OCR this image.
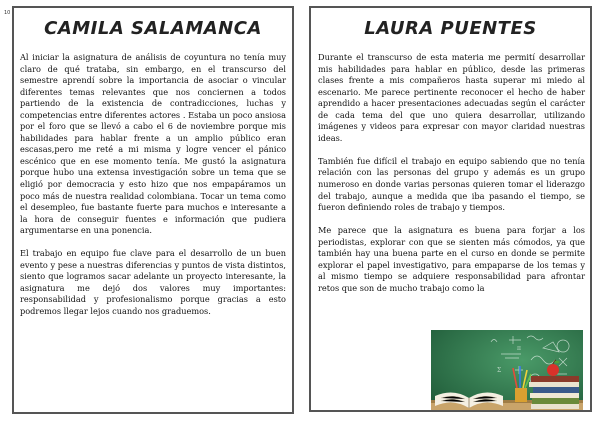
10
CAMILA SALAMANCA

Al iniciar la asignatura de análisis de coyuntura no tenía muy claro de qué trataba, sin embargo, en el transcurso del semestre aprendí sobre la importancia de asociar o vincular diferentes temas relevantes que nos conciernen a todos partiendo de la existencia de contradicciones, luchas y competencias entre diferentes actores . Estaba un poco ansiosa por el foro que se llevó a cabo el 6 de noviembre porque mis habilidades para hablar frente a un amplio público eran escasas,pero me reté a mi misma y logre vencer el pánico escénico que en ese momento tenía. Me gustó la asignatura porque hubo una extensa investigación sobre un tema que se eligió por democracia y esto hizo que nos empapáramos un poco más de nuestra realidad colombiana. Tocar un tema como el desempleo, fue bastante fuerte para muchos e interesante a la hora de conseguir fuentes e información que pudiera argumentarse en una ponencia.

El trabajo en equipo fue clave para el desarrollo de un buen evento y pese a nuestras diferencias y puntos de vista distintos, siento que logramos sacar adelante un proyecto interesante, la asignatura me dejó dos valores muy importantes: responsabilidad y profesionalismo porque gracias a esto podremos llegar lejos cuando nos graduemos.

LAURA PUENTES

Durante el transcurso de esta materia me permití desarrollar mis habilidades para hablar en público, desde las primeras clases frente a mis compañeros hasta superar mi miedo al escenario. Me parece pertinente reconocer el hecho de haber aprendido a hacer presentaciones adecuadas según el carácter de cada tema del que uno quiera desarrollar, utilizando imágenes y videos para expresar con mayor claridad nuestras ideas.

También fue difícil el trabajo en equipo sabiendo que no tenía relación con las personas del grupo y además es un grupo numeroso en donde varias personas quieren tomar el liderazgo del trabajo, aunque a medida que iba pasando el tiempo, se fueron definiendo roles de trabajo y tiempos.

Me parece que la asignatura es buena para forjar a los periodistas, explorar con que se sienten más cómodos, ya que también hay una buena parte en el curso en donde se permite explorar el papel investigativo, para empaparse de los temas y al mismo tiempo se adquiere responsabilidad para afrontar retos que son de mucho trabajo como la

π
Σ
